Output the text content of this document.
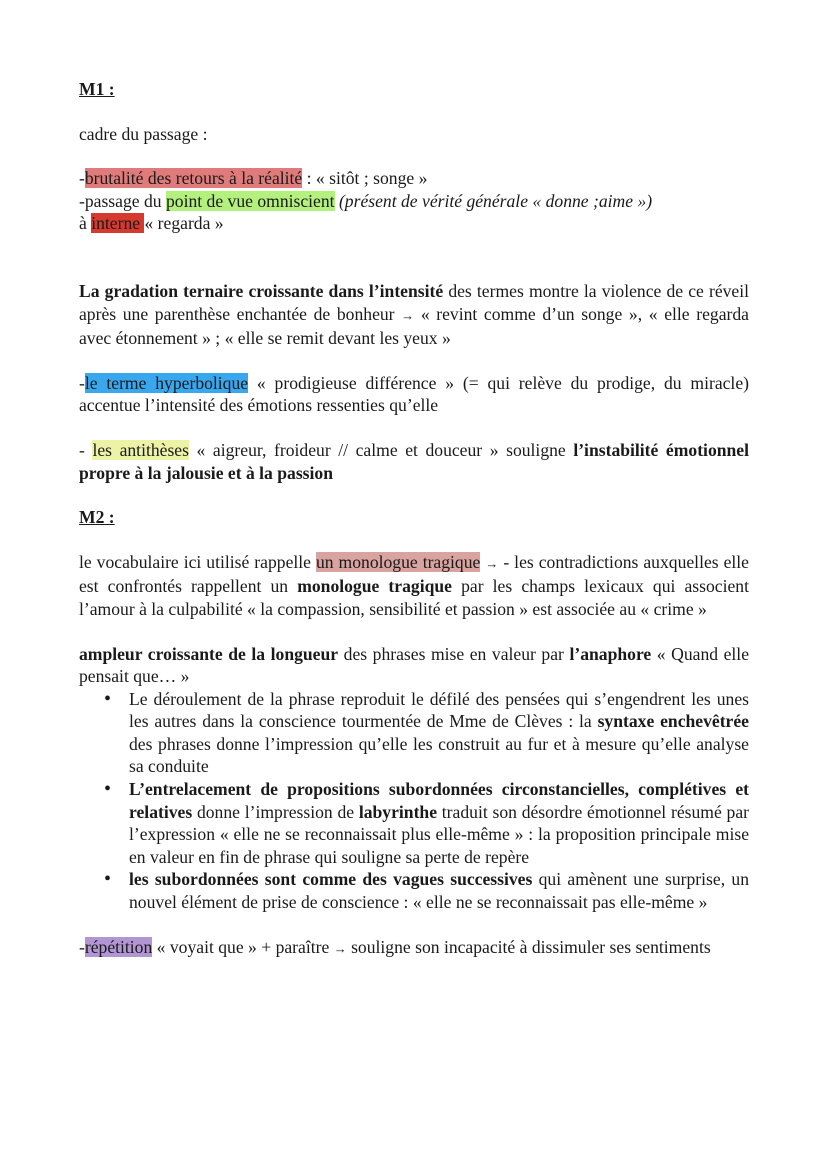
M1 :

cadre du passage :

-brutalité des retours à la réalité : « sitôt ; songe »

-passage du point de vue omniscient (présent de vérité générale « donne ;aime »)

à interne « regarda »

La gradation ternaire croissante dans l’intensité des termes montre la violence de ce réveil après une parenthèse enchantée de bonheur → « revint comme d’un songe », « elle regarda avec étonnement » ; « elle se remit devant les yeux »

-le terme hyperbolique « prodigieuse différence » (= qui relève du prodige, du miracle) accentue l’intensité des émotions ressenties qu’elle

- les antithèses « aigreur, froideur // calme et douceur » souligne l’instabilité émotionnel propre à la jalousie et à la passion

M2 :

le vocabulaire ici utilisé rappelle un monologue tragique → - les contradictions auxquelles elle est confrontés rappellent un monologue tragique par les champs lexicaux qui associent l’amour à la culpabilité « la compassion, sensibilité et passion » est associée au « crime »

ampleur croissante de la longueur des phrases mise en valeur par l’anaphore « Quand elle pensait que… »

• Le déroulement de la phrase reproduit le défilé des pensées qui s’engendrent les unes les autres dans la conscience tourmentée de Mme de Clèves : la syntaxe enchevêtrée des phrases donne l’impression qu’elle les construit au fur et à mesure qu’elle analyse sa conduite
• L’entrelacement de propositions subordonnées circonstancielles, complétives et relatives donne l’impression de labyrinthe traduit son désordre émotionnel résumé par l’expression « elle ne se reconnaissait plus elle-même » : la proposition principale mise en valeur en fin de phrase qui souligne sa perte de repère
• les subordonnées sont comme des vagues successives qui amènent une surprise, un nouvel élément de prise de conscience : « elle ne se reconnaissait pas elle-même »

-répétition « voyait que » + paraître → souligne son incapacité à dissimuler ses sentiments
